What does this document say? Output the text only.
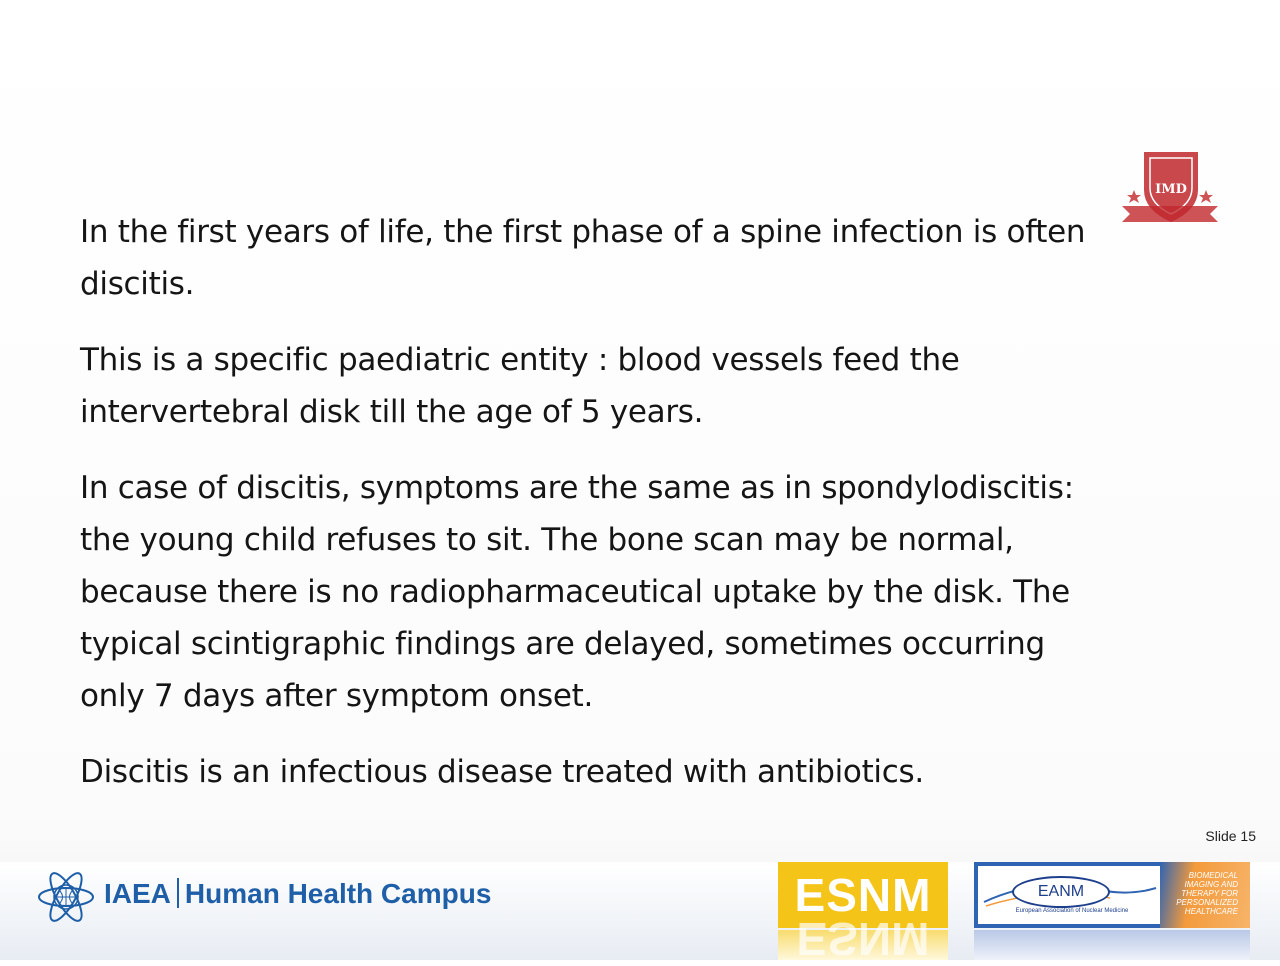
IMD

In the first years of life, the first phase of a spine infection is often
discitis.

This is a specific paediatric entity : blood vessels feed the
intervertebral disk till the age of 5 years.

In case of discitis, symptoms are the same as in spondylodiscitis:
the young child refuses to sit. The bone scan may be normal,
because there is no radiopharmaceutical uptake by the disk. The
typical scintigraphic findings are delayed, sometimes occurring
only 7 days after symptom onset.

Discitis is an infectious disease treated with antibiotics.

Slide 15
IAEA Human Health Campus	ESNM
ESNM
EANM
European Association of Nuclear Medicine
BIOMEDICAL
IMAGING AND
THERAPY FOR
PERSONALIZED
HEALTHCARE
